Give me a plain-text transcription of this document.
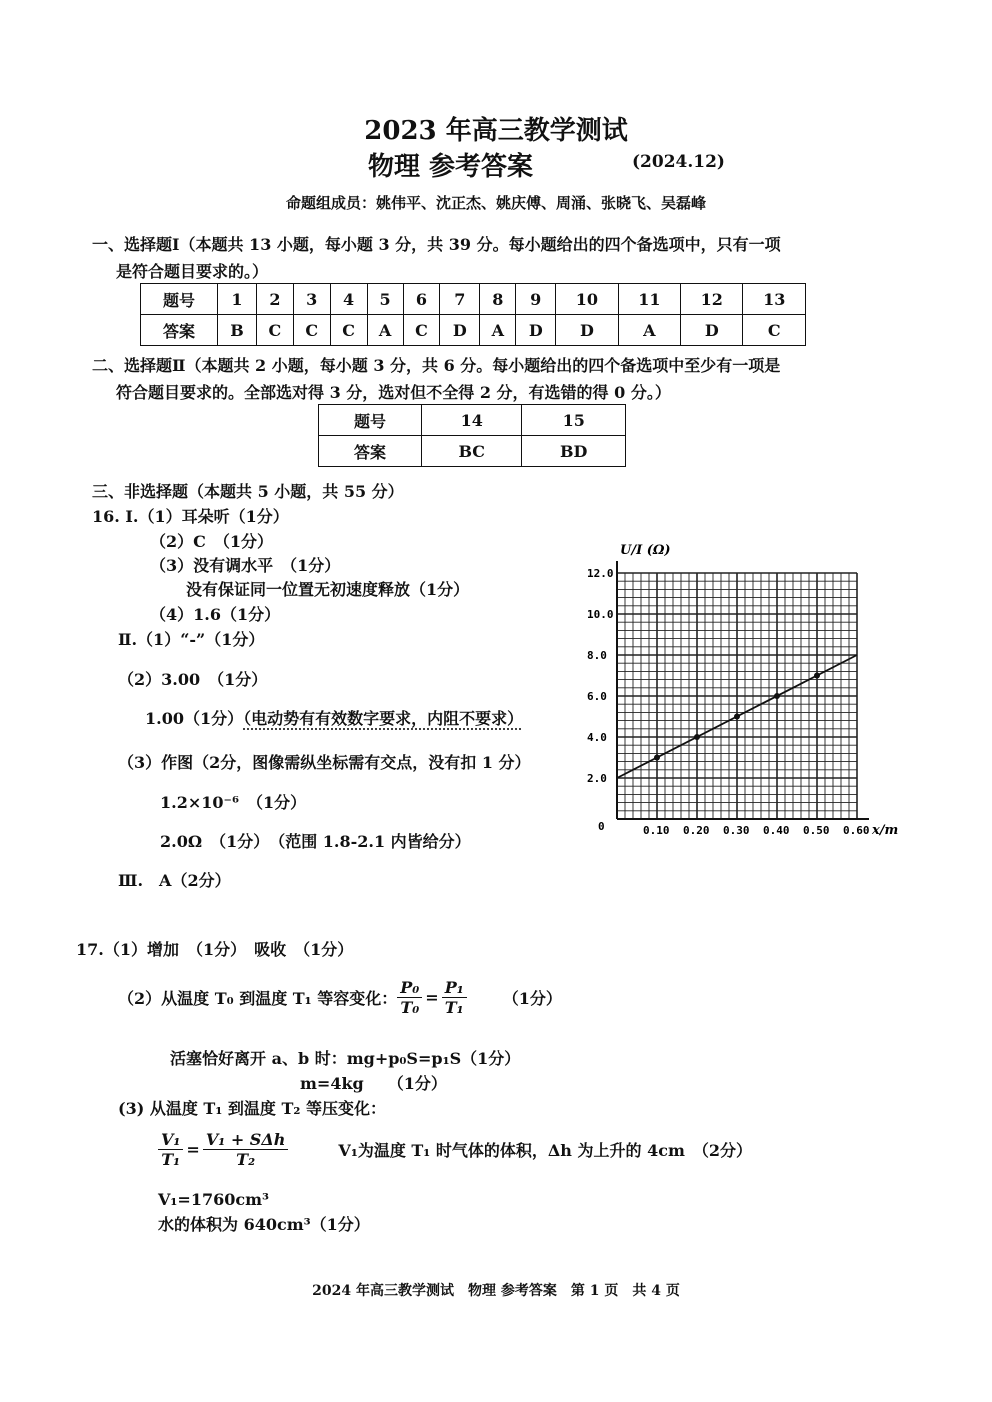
2023 年高三教学测试
物理 参考答案	(2024.12)
命题组成员：姚伟平、沈正杰、姚庆傅、周涌、张晓飞、吴磊峰
一、选择题Ⅰ（本题共 13 小题，每小题 3 分，共 39 分。每小题给出的四个备选项中，只有一项
是符合题目要求的。）
题号	1	2	3	4	5	6	7	8	9	10	11	12	13
答案	B	C	C	C	A	C	D	A	D	D	A	D	C
二、选择题Ⅱ（本题共 2 小题，每小题 3 分，共 6 分。每小题给出的四个备选项中至少有一项是
符合题目要求的。全部选对得 3 分，选对但不全得 2 分，有选错的得 0 分。）
题号	14	15
答案	BC	BD
三、非选择题（本题共 5 小题，共 55 分）
16. Ⅰ.（1）耳朵听（1分）
（2）C　（1分）
（3）没有调水平　（1分）
没有保证同一位置无初速度释放（1分）
（4）1.6（1分）
Ⅱ.（1）“-”（1分）
（2）3.00　（1分）
1.00（1分）（电动势有有效数字要求，内阻不要求）
（3）作图（2分，图像需纵坐标需有交点，没有扣 1 分）
1.2×10⁻⁶　（1分）
2.0Ω　（1分）　（范围 1.8-2.1 内皆给分）
Ⅲ.　A（2分）
0.10 0.20 0.30 0.40 0.50 0.60
2.0
4.0
6.0
8.0
10.0
12.0
U/I (Ω)
x/m
0
17.（1）增加　（1分）　吸收　（1分）
（2）从温度 T₀ 到温度 T₁ 等容变化： $\frac{\text{P₀}}{\text{T₀}} = \frac{\text{P₁}}{\text{T₁}} (1$分）
活塞恰好离开 a、b 时：mg+p₀S=p₁S（1分）
m=4kg　　（1分）
(3) 从温度 T₁ 到温度 T₂ 等压变化：
$\frac{\text{V₁}}{\text{T₁}} = \frac{\text{V₁ + SΔh}}{\text{T₂}}$	V₁为温度 T₁ 时气体的体积，Δh 为上升的 4cm　（2分）
V₁=1760cm³
水的体积为 640cm³（1分）
2024 年高三教学测试　物理 参考答案　第 1 页　共 4 页
